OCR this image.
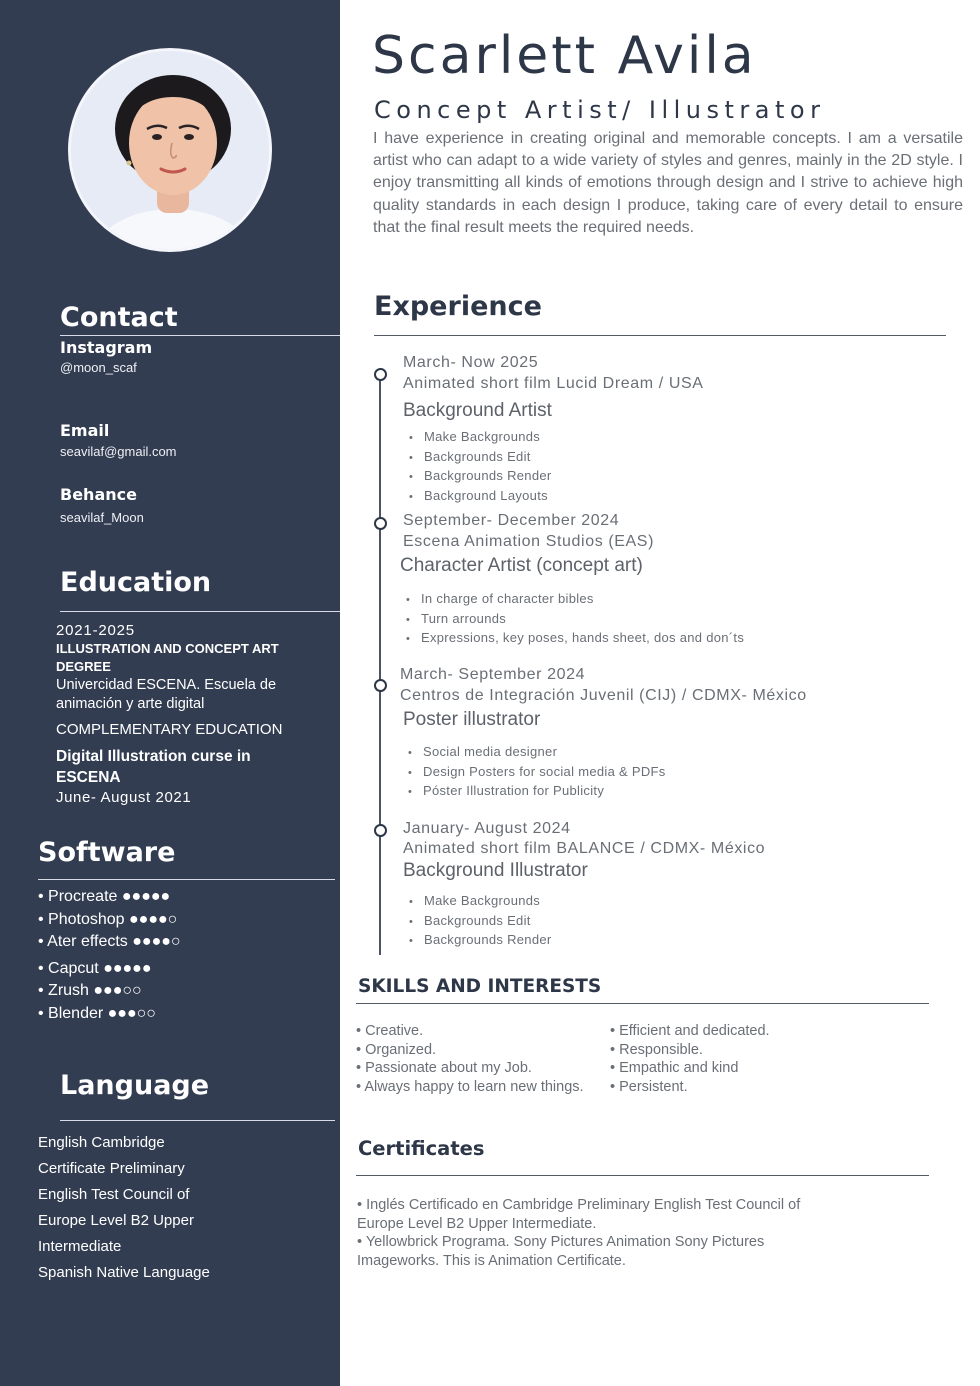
Contact
Instagram
@moon_scaf
Email
seavilaf@gmail.com
Behance
seavilaf_Moon
Education
2021-2025
ILLUSTRATION AND CONCEPT ART DEGREE
Univercidad ESCENA. Escuela de animación y arte digital
COMPLEMENTARY EDUCATION
Digital Illustration curse in ESCENA
June- August 2021
Software
• Procreate ●●●●●
• Photoshop ●●●●○
• Ater effects ●●●●○
• Capcut ●●●●●
• Zrush ●●●○○
• Blender ●●●○○
Language
English Cambridge
Certificate Preliminary
English Test Council of
Europe Level B2 Upper
Intermediate
Spanish Native Language
Scarlett Avila
Concept Artist/ Illustrator

I have experience in creating original and memorable concepts. I am a versatile artist who can adapt to a wide variety of styles and genres, mainly in the 2D style. I enjoy transmitting all kinds of emotions through design and I strive to achieve high quality standards in each design I produce, taking care of every detail to ensure that the final result meets the required needs.

Experience
March- Now 2025
Animated short film Lucid Dream / USA
Background Artist
• Make Backgrounds
• Backgrounds Edit
• Backgrounds Render
• Background Layouts
September- December 2024
Escena Animation Studios (EAS)
Character Artist (concept art)
• In charge of character bibles
• Turn arrounds
• Expressions, key poses, hands sheet, dos and don´ts
March- September 2024
Centros de Integración Juvenil (CIJ) / CDMX- México
Poster illustrator
• Social media designer
• Design Posters for social media & PDFs
• Póster Illustration for Publicity
January- August 2024
Animated short film BALANCE / CDMX- México
Background Illustrator
• Make Backgrounds
• Backgrounds Edit
• Backgrounds Render
SKILLS AND INTERESTS
• Creative.
• Organized.
• Passionate about my Job.
• Always happy to learn new things.
• Efficient and dedicated.
• Responsible.
• Empathic and kind
• Persistent.
Certificates
• Inglés Certificado en Cambridge Preliminary English Test Council of Europe Level B2 Upper Intermediate.
• Yellowbrick Programa. Sony Pictures Animation Sony Pictures Imageworks. This is Animation Certificate.
